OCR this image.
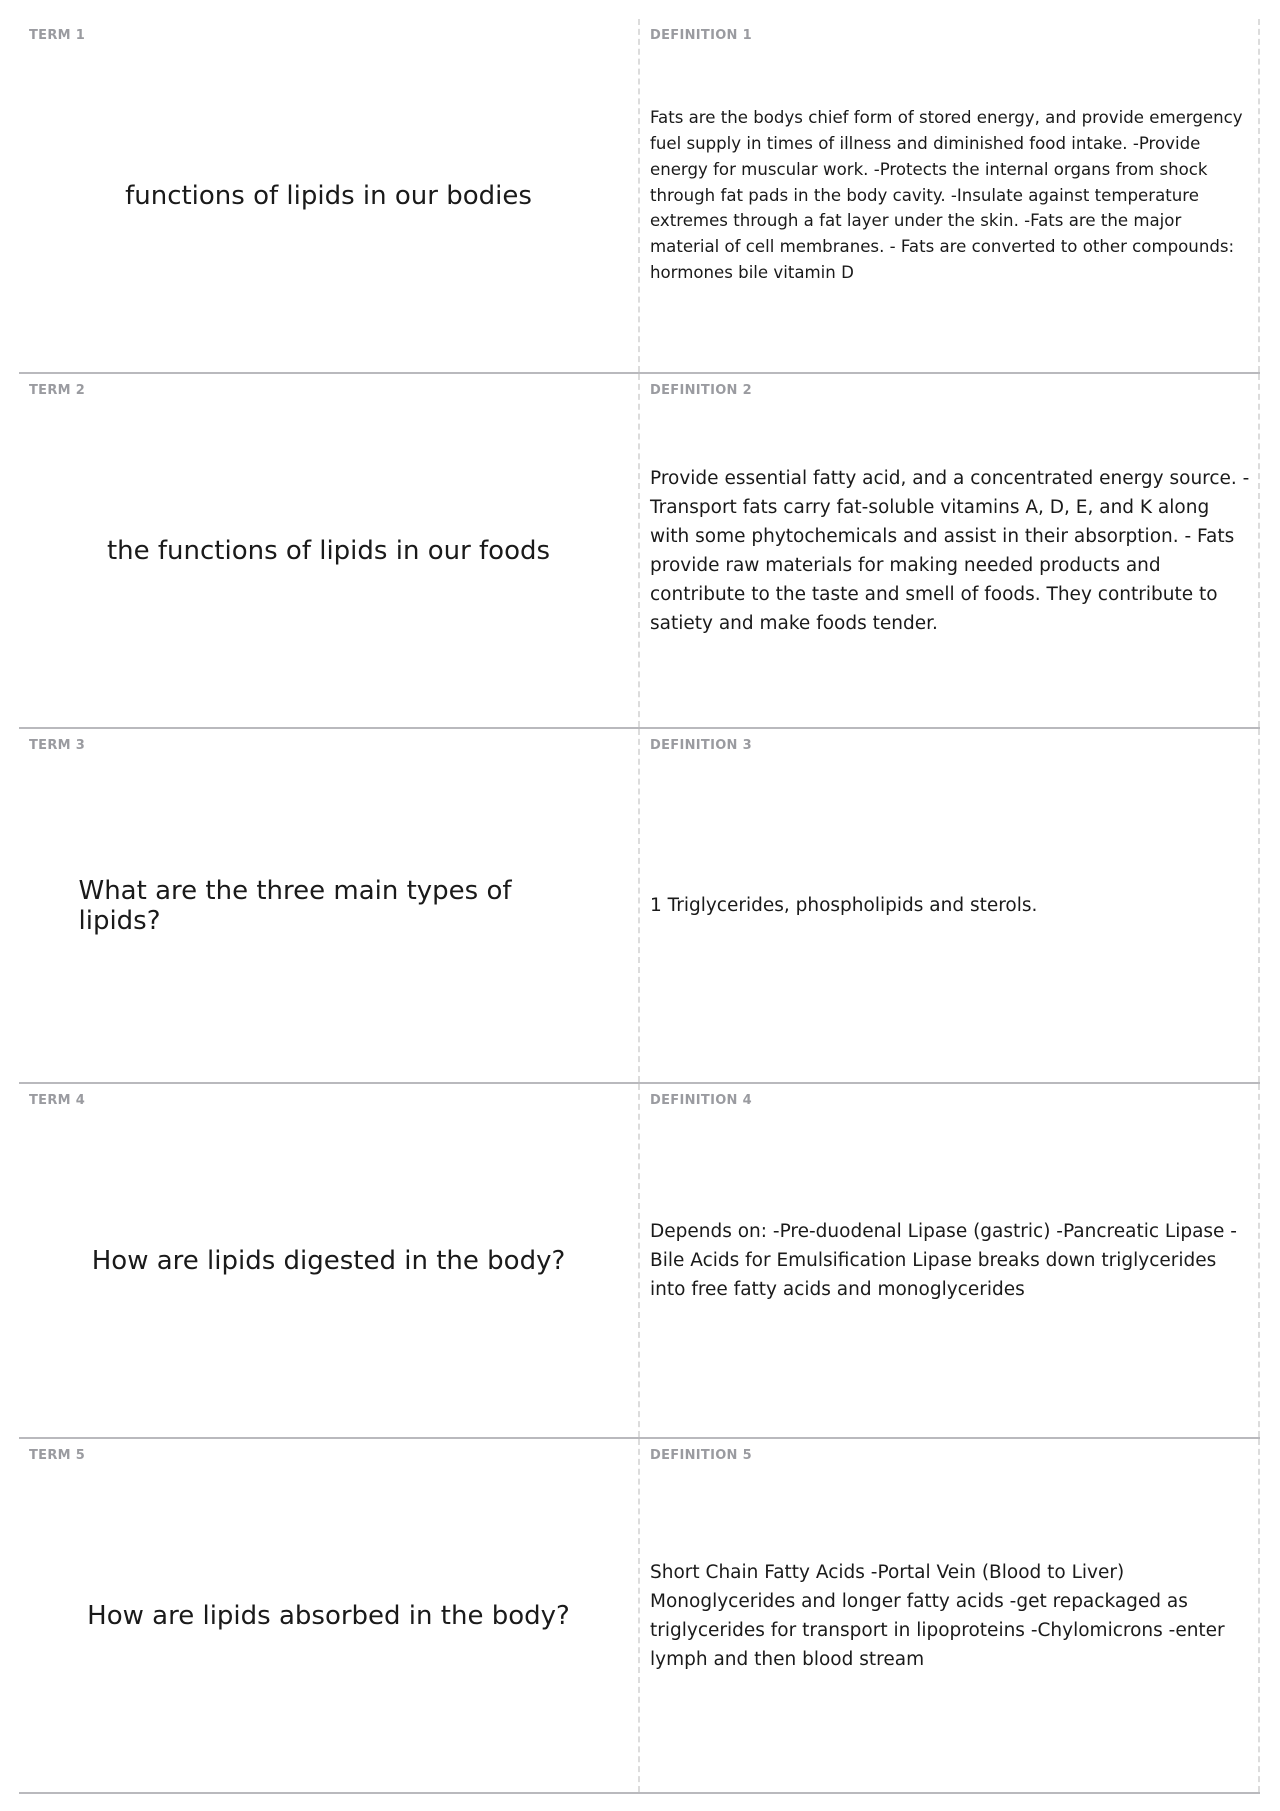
TERM 1
functions of lipids in our bodies
DEFINITION 1
Fats are the bodys chief form of stored energy, and provide emergency fuel supply in times of illness and diminished food intake. -Provide energy for muscular work. -Protects the internal organs from shock through fat pads in the body cavity. -Insulate against temperature extremes through a fat layer under the skin. -Fats are the major material of cell membranes. - Fats are converted to other compounds: hormones bile vitamin D
TERM 2
the functions of lipids in our foods
DEFINITION 2
Provide essential fatty acid, and a concentrated energy source. - Transport fats carry fat-soluble vitamins A, D, E, and K along with some phytochemicals and assist in their absorption. - Fats provide raw materials for making needed products and contribute to the taste and smell of foods. They contribute to satiety and make foods tender.
TERM 3
What are the three main types of lipids?
DEFINITION 3
1 Triglycerides, phospholipids and sterols.
TERM 4
How are lipids digested in the body?
DEFINITION 4
Depends on: -Pre-duodenal Lipase (gastric) -Pancreatic Lipase -Bile Acids for Emulsification Lipase breaks down triglycerides into free fatty acids and monoglycerides
TERM 5
How are lipids absorbed in the body?
DEFINITION 5
Short Chain Fatty Acids -Portal Vein (Blood to Liver) Monoglycerides and longer fatty acids -get repackaged as triglycerides for transport in lipoproteins -Chylomicrons -enter lymph and then blood stream
